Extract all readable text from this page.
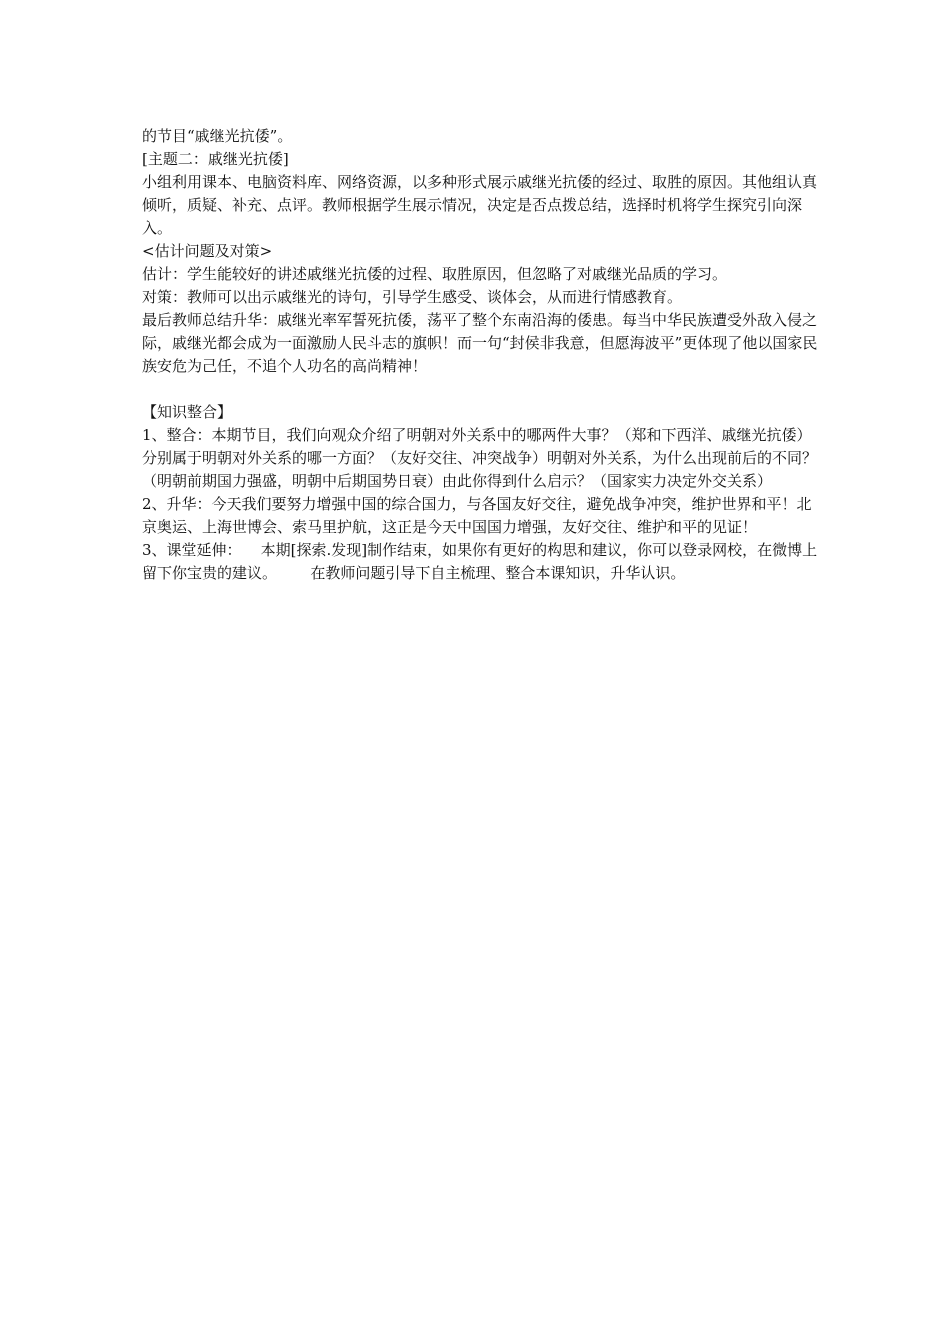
的节目“戚继光抗倭”。

[主题二：戚继光抗倭]

小组利用课本、电脑资料库、网络资源，以多种形式展示戚继光抗倭的经过、取胜的原因。其他组认真倾听，质疑、补充、点评。教师根据学生展示情况，决定是否点拨总结，选择时机将学生探究引向深入。

<估计问题及对策>

估计：学生能较好的讲述戚继光抗倭的过程、取胜原因，但忽略了对戚继光品质的学习。

对策：教师可以出示戚继光的诗句，引导学生感受、谈体会，从而进行情感教育。

最后教师总结升华：戚继光率军誓死抗倭，荡平了整个东南沿海的倭患。每当中华民族遭受外敌入侵之际，戚继光都会成为一面激励人民斗志的旗帜！而一句“封侯非我意，但愿海波平”更体现了他以国家民族安危为己任，不追个人功名的高尚精神！

【知识整合】

1、整合：本期节目，我们向观众介绍了明朝对外关系中的哪两件大事？（郑和下西洋、戚继光抗倭）分别属于明朝对外关系的哪一方面？（友好交往、冲突战争）明朝对外关系，为什么出现前后的不同？（明朝前期国力强盛，明朝中后期国势日衰）由此你得到什么启示？（国家实力决定外交关系）

2、升华：今天我们要努力增强中国的综合国力，与各国友好交往，避免战争冲突，维护世界和平！北京奥运、上海世博会、索马里护航，这正是今天中国国力增强，友好交往、维护和平的见证！

3、课堂延伸：    本期[探索.发现]制作结束，如果你有更好的构思和建议，你可以登录网校，在微博上留下你宝贵的建议。       在教师问题引导下自主梳理、整合本课知识，升华认识。
